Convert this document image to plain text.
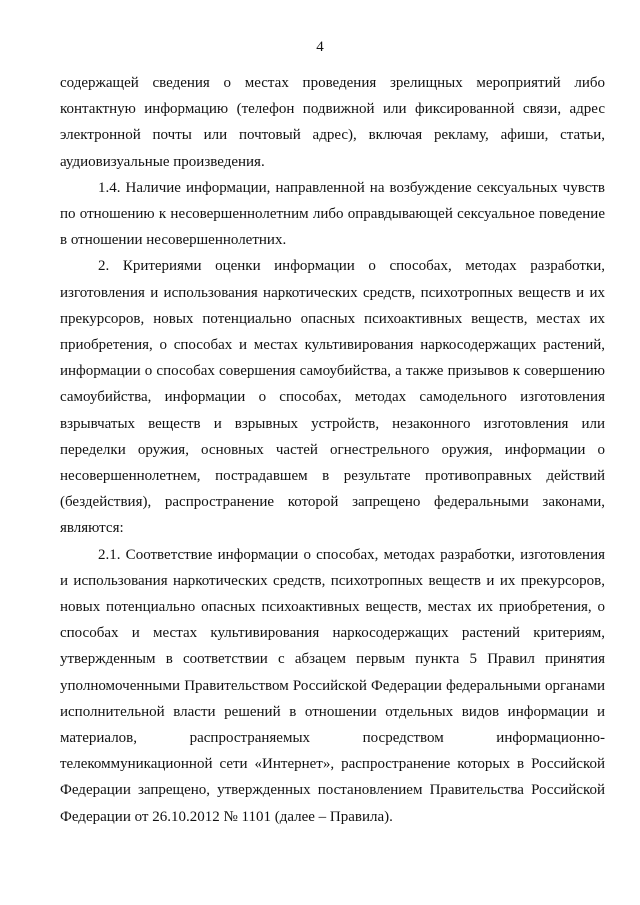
4

содержащей сведения о местах проведения зрелищных мероприятий либо контактную информацию (телефон подвижной или фиксированной связи, адрес электронной почты или почтовый адрес), включая рекламу, афиши, статьи, аудиовизуальные произведения.

1.4. Наличие информации, направленной на возбуждение сексуальных чувств по отношению к несовершеннолетним либо оправдывающей сексуальное поведение в отношении несовершеннолетних.

2. Критериями оценки информации о способах, методах разработки, изготовления и использования наркотических средств, психотропных веществ и их прекурсоров, новых потенциально опасных психоактивных веществ, местах их приобретения, о способах и местах культивирования наркосодержащих растений, информации о способах совершения самоубийства, а также призывов к совершению самоубийства, информации о способах, методах самодельного изготовления взрывчатых веществ и взрывных устройств, незаконного изготовления или переделки оружия, основных частей огнестрельного оружия, информации о несовершеннолетнем, пострадавшем в результате противоправных действий (бездействия), распространение которой запрещено федеральными законами, являются:

2.1. Соответствие информации о способах, методах разработки, изготовления и использования наркотических средств, психотропных веществ и их прекурсоров, новых потенциально опасных психоактивных веществ, местах их приобретения, о способах и местах культивирования наркосодержащих растений критериям, утвержденным в соответствии с абзацем первым пункта 5 Правил принятия уполномоченными Правительством Российской Федерации федеральными органами исполнительной власти решений в отношении отдельных видов информации и материалов, распространяемых посредством информационно-телекоммуникационной сети «Интернет», распространение которых в Российской Федерации запрещено, утвержденных постановлением Правительства Российской Федерации от 26.10.2012 № 1101 (далее – Правила).
